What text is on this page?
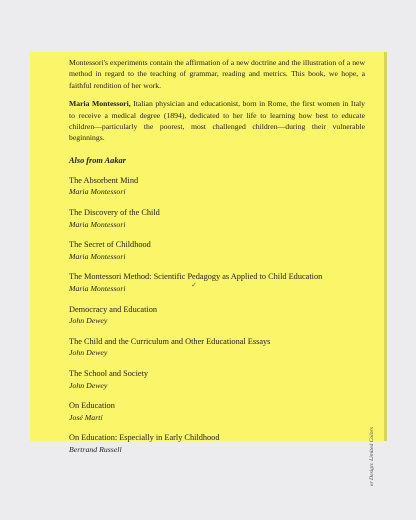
Montessori's experiments contain the affirmation of a new doctrine and the illustration of a new method in regard to the teaching of grammar, reading and metrics. This book, we hope, a faithful rendition of her work.

Maria Montessori, Italian physician and educationist, born in Rome, the first women in Italy to receive a medical degree (1894), dedicated to her life to learning how best to educate children—particularly the poorest, most challenged children—during their vulnerable beginnings.

Also from Aakar
The Absorbent Mind
Maria Montessori
The Discovery of the Child
Maria Montessori
The Secret of Childhood
Maria Montessori
The Montessori Method: Scientific Pedagogy as Applied to Child Education
Maria Montessori
Democracy and Education
John Dewey
The Child and the Curriculum and Other Educational Essays
John Dewey
The School and Society
John Dewey
On Education
José Martí
On Education: Especially in Early Childhood
Bertrand Russell
✓
er Design: Limited Colors
